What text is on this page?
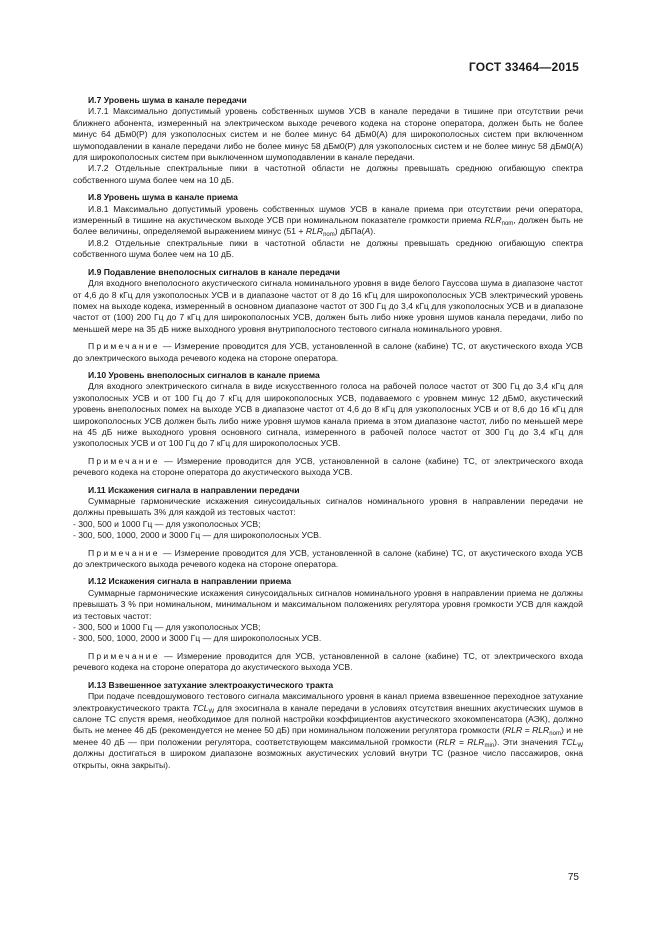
ГОСТ 33464—2015

И.7 Уровень шума в канале передачи

И.7.1 Максимально допустимый уровень собственных шумов УСВ в канале передачи в тишине при отсутствии речи ближнего абонента, измеренный на электрическом выходе речевого кодека на стороне оператора, должен быть не более минус 64 дБм0(Р) для узкополосных систем и не более минус 64 дБм0(А) для широкополосных систем при включенном шумоподавлении в канале передачи либо не более минус 58 дБм0(Р) для узкополосных систем и не более минус 58 дБм0(А) для широкополосных систем при выключенном шумоподавлении в канале передачи.

И.7.2 Отдельные спектральные пики в частотной области не должны превышать среднюю огибающую спектра собственного шума более чем на 10 дБ.

И.8 Уровень шума в канале приема

И.8.1 Максимально допустимый уровень собственных шумов УСВ в канале приема при отсутствии речи оператора, измеренный в тишине на акустическом выходе УСВ при номинальном показателе громкости приема $RLR_{nom}$, должен быть не более величины, определяемой выражением минус $(51 + RLR_{nom})$ дБПа(A).

И.8.2 Отдельные спектральные пики в частотной области не должны превышать среднюю огибающую спектра собственного шума более чем на 10 дБ.

И.9 Подавление внеполосных сигналов в канале передачи

Для входного внеполосного акустического сигнала номинального уровня в виде белого Гауссова шума в диапазоне частот от 4,6 до 8 кГц для узкополосных УСВ и в диапазоне частот от 8 до 16 кГц для широкополосных УСВ электрический уровень помех на выходе кодека, измеренный в основном диапазоне частот от 300 Гц до 3,4 кГц для узкополосных УСВ и в диапазоне частот от (100) 200 Гц до 7 кГц для широкополосных УСВ, должен быть либо ниже уровня шумов канала передачи, либо по меньшей мере на 35 дБ ниже выходного уровня внутриполосного тестового сигнала номинального уровня.

Примечание — Измерение проводится для УСВ, установленной в салоне (кабине) ТС, от акустического входа УСВ до электрического выхода речевого кодека на стороне оператора.

И.10 Уровень внеполосных сигналов в канале приема

Для входного электрического сигнала в виде искусственного голоса на рабочей полосе частот от 300 Гц до 3,4 кГц для узкополосных УСВ и от 100 Гц до 7 кГц для широкополосных УСВ, подаваемого с уровнем минус 12 дБм0, акустический уровень внеполосных помех на выходе УСВ в диапазоне частот от 4,6 до 8 кГц для узкополосных УСВ и от 8,6 до 16 кГц для широкополосных УСВ должен быть либо ниже уровня шумов канала приема в этом диапазоне частот, либо по меньшей мере на 45 дБ ниже выходного уровня основного сигнала, измеренного в рабочей полосе частот от 300 Гц до 3,4 кГц для узкополосных УСВ и от 100 Гц до 7 кГц для широкополосных УСВ.

Примечание — Измерение проводится для УСВ, установленной в салоне (кабине) ТС, от электрического входа речевого кодека на стороне оператора до акустического выхода УСВ.

И.11 Искажения сигнала в направлении передачи

Суммарные гармонические искажения синусоидальных сигналов номинального уровня в направлении передачи не должны превышать 3% для каждой из тестовых частот:

- 300, 500 и 1000 Гц — для узкополосных УСВ;

- 300, 500, 1000, 2000 и 3000 Гц — для широкополосных УСВ.

Примечание — Измерение проводится для УСВ, установленной в салоне (кабине) ТС, от акустического входа УСВ до электрического выхода речевого кодека на стороне оператора.

И.12 Искажения сигнала в направлении приема

Суммарные гармонические искажения синусоидальных сигналов номинального уровня в направлении приема не должны превышать 3 % при номинальном, минимальном и максимальном положениях регулятора уровня громкости УСВ для каждой из тестовых частот:

- 300, 500 и 1000 Гц — для узкополосных УСВ;

- 300, 500, 1000, 2000 и 3000 Гц — для широкополосных УСВ.

Примечание — Измерение проводится для УСВ, установленной в салоне (кабине) ТС, от электрического входа речевого кодека на стороне оператора до акустического выхода УСВ.

И.13 Взвешенное затухание электроакустического тракта

При подаче псевдошумового тестового сигнала максимального уровня в канал приема взвешенное переходное затухание электроакустического тракта $TCL_W$ для эхосигнала в канале передачи в условиях отсутствия внешних акустических шумов в салоне ТС спустя время, необходимое для полной настройки коэффициентов акустического эхокомпенсатора (АЭК), должно быть не менее 46 дБ (рекомендуется не менее 50 дБ) при номинальном положении регулятора громкости $(RLR = RLR_{nom})$ и не менее 40 дБ — при положении регулятора, соответствующем максимальной громкости $(RLR = RLR_{min})$. Эти значения $TCL_W$ должны достигаться в широком диапазоне возможных акустических условий внутри ТС (разное число пассажиров, окна открыты, окна закрыты).

75
